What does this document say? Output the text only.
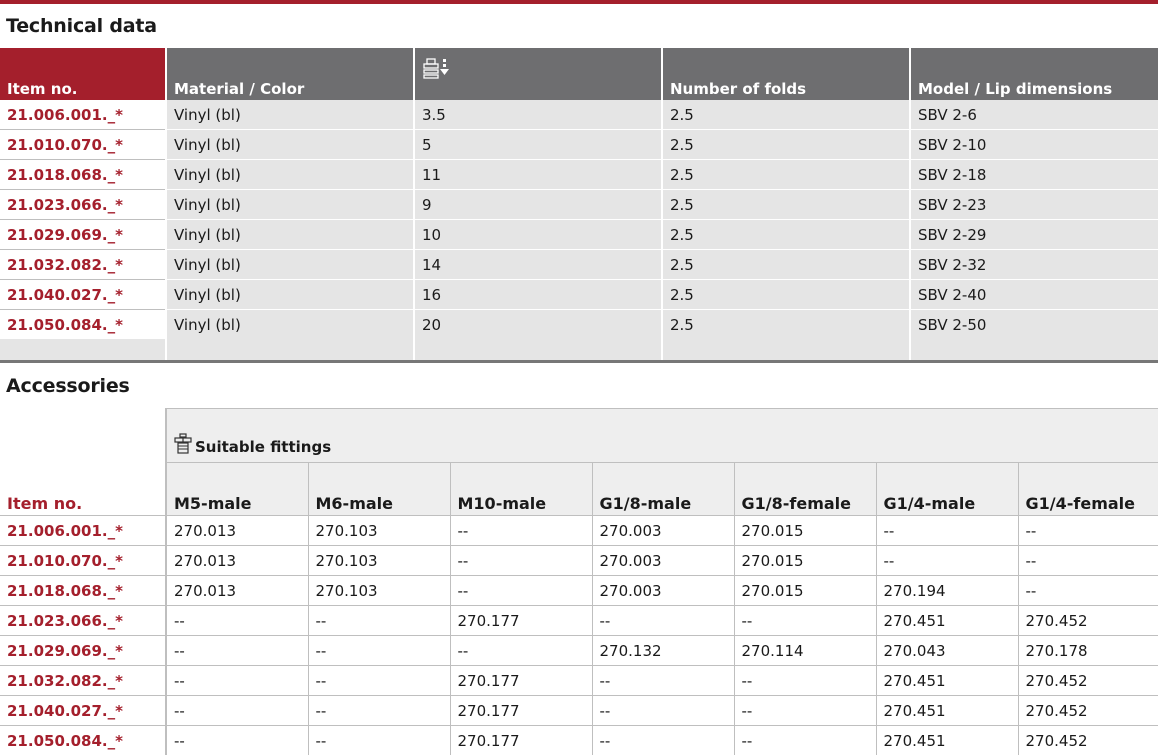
Technical data
Item no.	Material / Color		Number of folds	Model / Lip dimensions
21.006.001._*	Vinyl (bl)	3.5	2.5	SBV 2-6
21.010.070._*	Vinyl (bl)	5	2.5	SBV 2-10
21.018.068._*	Vinyl (bl)	11	2.5	SBV 2-18
21.023.066._*	Vinyl (bl)	9	2.5	SBV 2-23
21.029.069._*	Vinyl (bl)	10	2.5	SBV 2-29
21.032.082._*	Vinyl (bl)	14	2.5	SBV 2-32
21.040.027._*	Vinyl (bl)	16	2.5	SBV 2-40
21.050.084._*	Vinyl (bl)	20	2.5	SBV 2-50

Accessories
Item no.	Suitable fittings						
	M5-male	M6-male	M10-male	G1/8-male	G1/8-female	G1/4-male	G1/4-female
21.006.001._*	270.013	270.103	--	270.003	270.015	--	--
21.010.070._*	270.013	270.103	--	270.003	270.015	--	--
21.018.068._*	270.013	270.103	--	270.003	270.015	270.194	--
21.023.066._*	--	--	270.177	--	--	270.451	270.452
21.029.069._*	--	--	--	270.132	270.114	270.043	270.178
21.032.082._*	--	--	270.177	--	--	270.451	270.452
21.040.027._*	--	--	270.177	--	--	270.451	270.452
21.050.084._*	--	--	270.177	--	--	270.451	270.452
